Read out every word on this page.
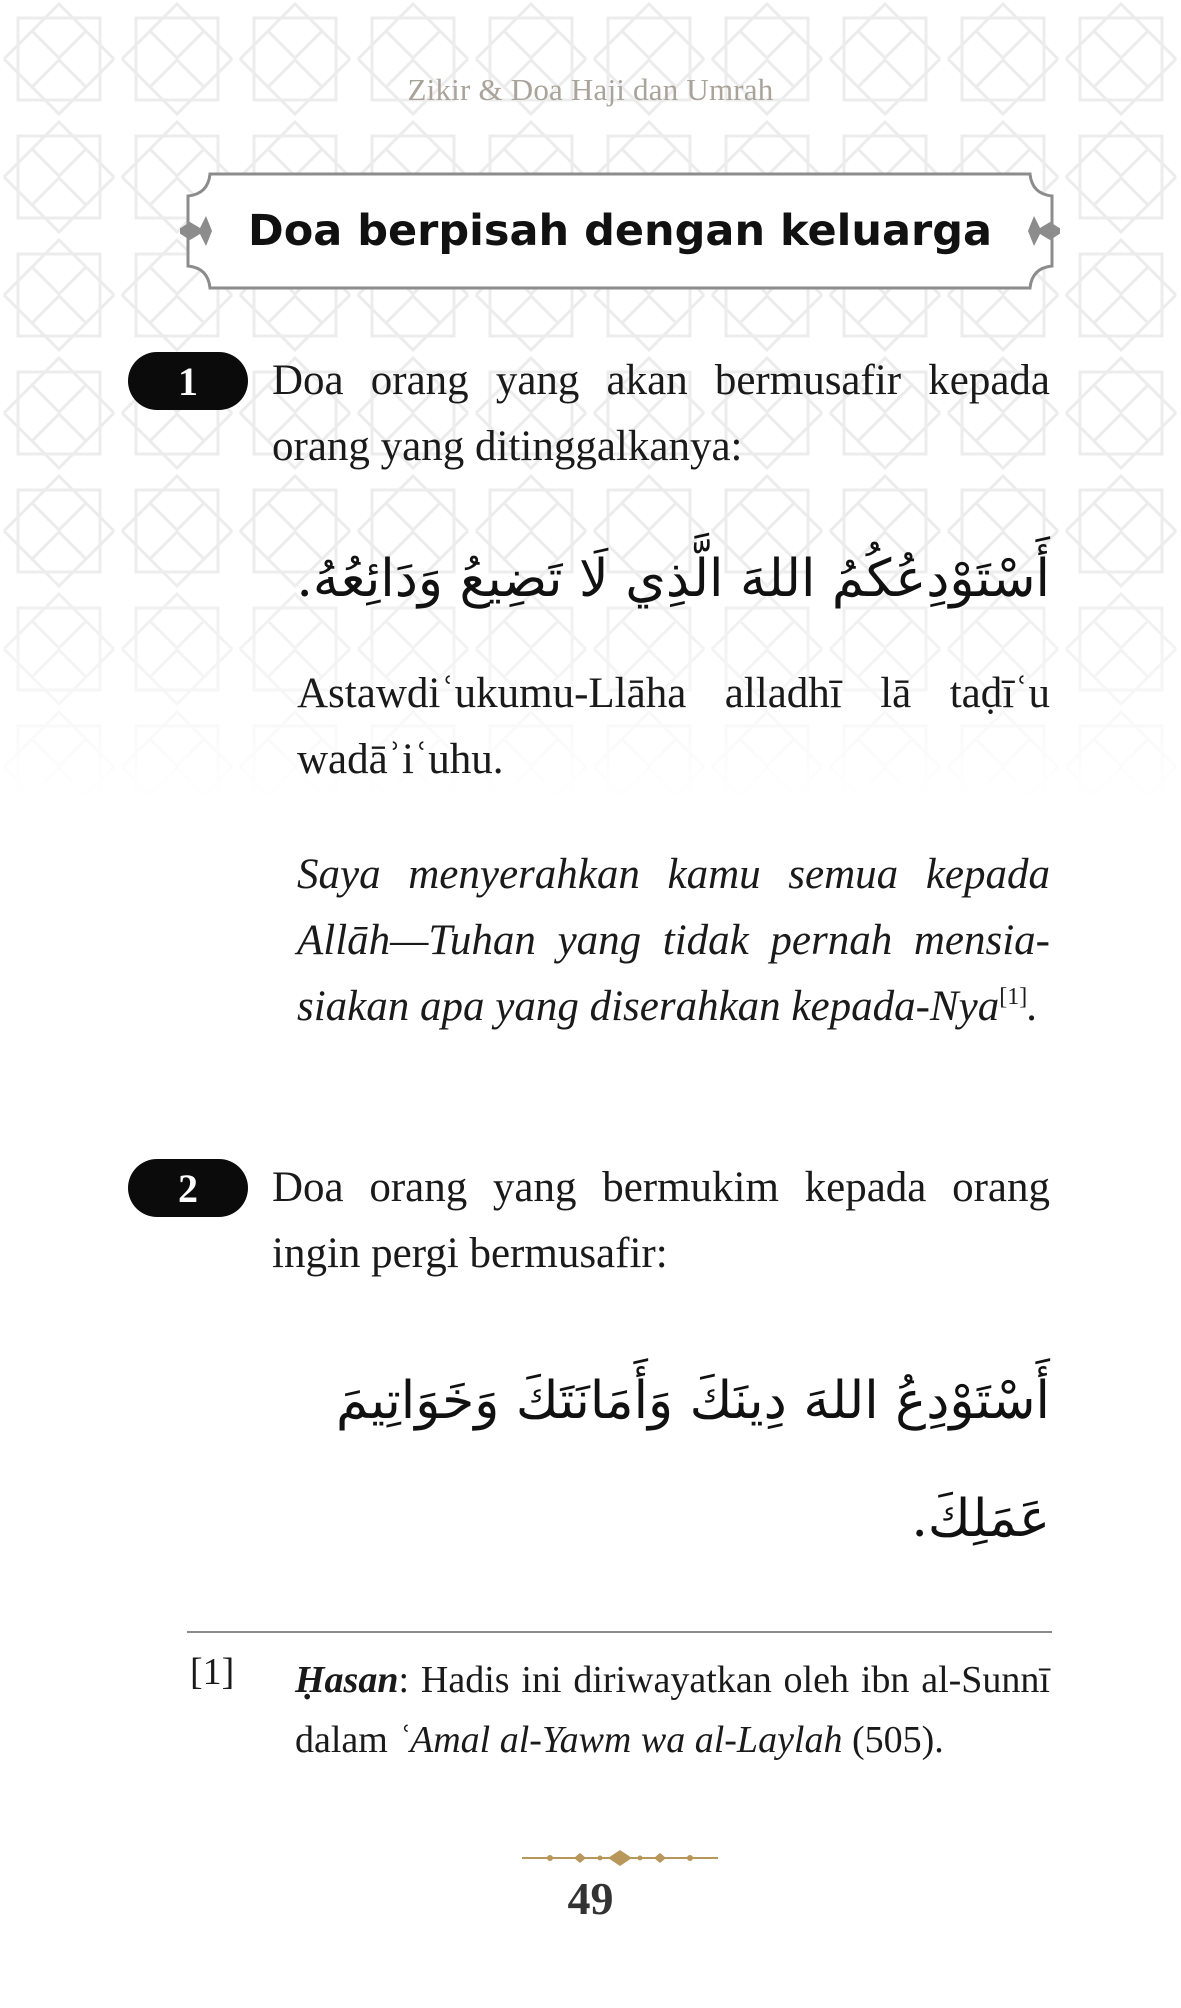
Zikir & Doa Haji dan Umrah
Doa berpisah dengan keluarga
1	Doa orang yang akan bermusafir kepada orang yang ditinggalkanya:
أَسْتَوْدِعُكُمُ اللهَ الَّذِي لَا تَضِيعُ وَدَائِعُهُ.
Astawdiʿukumu-Llāha alladhī lā taḍīʿu wadāʾiʿuhu.
Saya menyerahkan kamu semua kepada Allāh—Tuhan yang tidak pernah mensia-siakan apa yang diserahkan kepada-Nya[1].
2	Doa orang yang bermukim kepada orang ingin pergi bermusafir:
أَسْتَوْدِعُ اللهَ دِينَكَ وَأَمَانَتَكَ وَخَوَاتِيمَ
عَمَلِكَ.
[1] Ḥasan: Hadis ini diriwayatkan oleh ibn al-Sunnī dalam ʿAmal al-Yawm wa al-Laylah (505).
49
